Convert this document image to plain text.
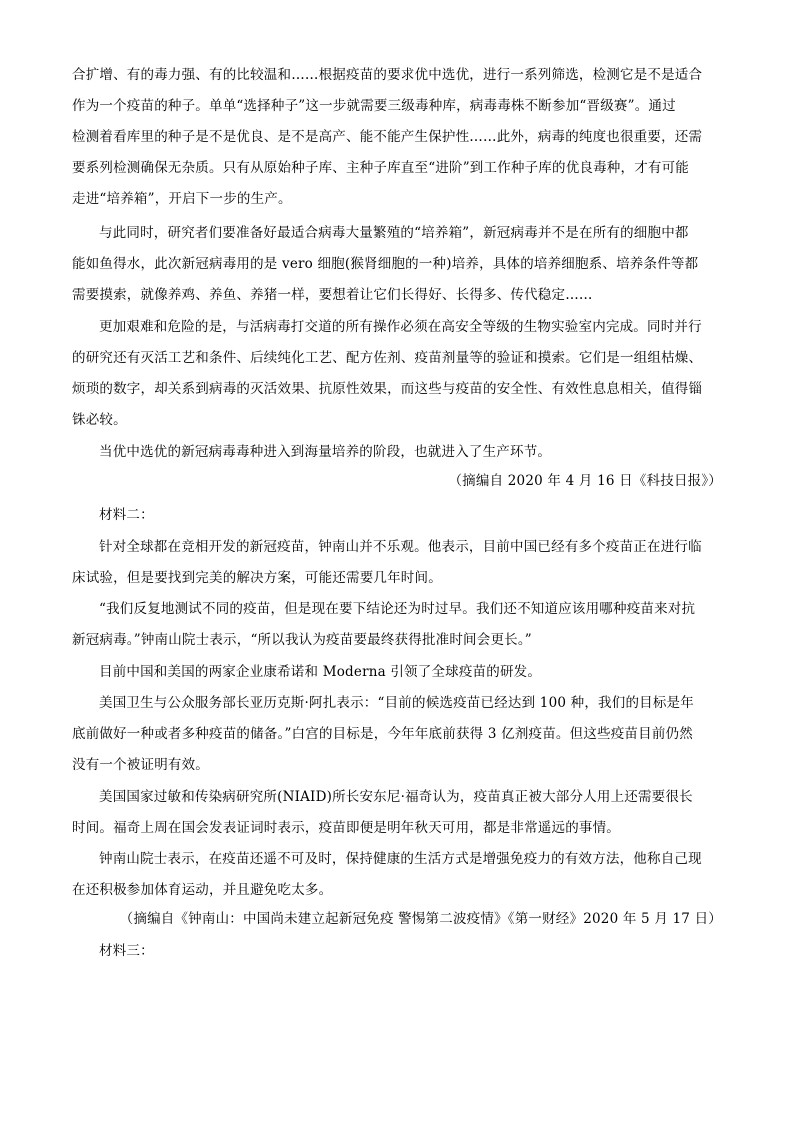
合扩增、有的毒力强、有的比较温和……根据疫苗的要求优中选优，进行一系列筛选，检测它是不是适合
作为一个疫苗的种子。单单“选择种子”这一步就需要三级毒种库，病毒毒株不断参加“晋级赛”。通过
检测着看库里的种子是不是优良、是不是高产、能不能产生保护性……此外，病毒的纯度也很重要，还需
要系列检测确保无杂质。只有从原始种子库、主种子库直至“进阶”到工作种子库的优良毒种，才有可能
走进“培养箱”，开启下一步的生产。
与此同时，研究者们要准备好最适合病毒大量繁殖的“培养箱”，新冠病毒并不是在所有的细胞中都
能如鱼得水，此次新冠病毒用的是 vero 细胞(猴肾细胞的一种)培养，具体的培养细胞系、培养条件等都
需要摸索，就像养鸡、养鱼、养猪一样，要想着让它们长得好、长得多、传代稳定……
更加艰难和危险的是，与活病毒打交道的所有操作必须在高安全等级的生物实验室内完成。同时并行
的研究还有灭活工艺和条件、后续纯化工艺、配方佐剂、疫苗剂量等的验证和摸索。它们是一组组枯燥、
烦琐的数字，却关系到病毒的灭活效果、抗原性效果，而这些与疫苗的安全性、有效性息息相关，值得锱
铢必较。
当优中选优的新冠病毒毒种进入到海量培养的阶段，也就进入了生产环节。
（摘编自 2020 年 4 月 16 日《科技日报》）
材料二：
针对全球都在竞相开发的新冠疫苗，钟南山并不乐观。他表示，目前中国已经有多个疫苗正在进行临
床试验，但是要找到完美的解决方案，可能还需要几年时间。
“我们反复地测试不同的疫苗，但是现在要下结论还为时过早。我们还不知道应该用哪种疫苗来对抗
新冠病毒。”钟南山院士表示，“所以我认为疫苗要最终获得批准时间会更长。”
目前中国和美国的两家企业康希诺和 Moderna 引领了全球疫苗的研发。
美国卫生与公众服务部长亚历克斯·阿扎表示：“目前的候选疫苗已经达到 100 种，我们的目标是年
底前做好一种或者多种疫苗的储备。”白宫的目标是，今年年底前获得 3 亿剂疫苗。但这些疫苗目前仍然
没有一个被证明有效。
美国国家过敏和传染病研究所(NIAID)所长安东尼·福奇认为，疫苗真正被大部分人用上还需要很长
时间。福奇上周在国会发表证词时表示，疫苗即便是明年秋天可用，都是非常遥远的事情。
钟南山院士表示，在疫苗还遥不可及时，保持健康的生活方式是增强免疫力的有效方法，他称自己现
在还积极参加体育运动，并且避免吃太多。
（摘编自《钟南山：中国尚未建立起新冠免疫 警惕第二波疫情》《第一财经》2020 年 5 月 17 日）
材料三：
